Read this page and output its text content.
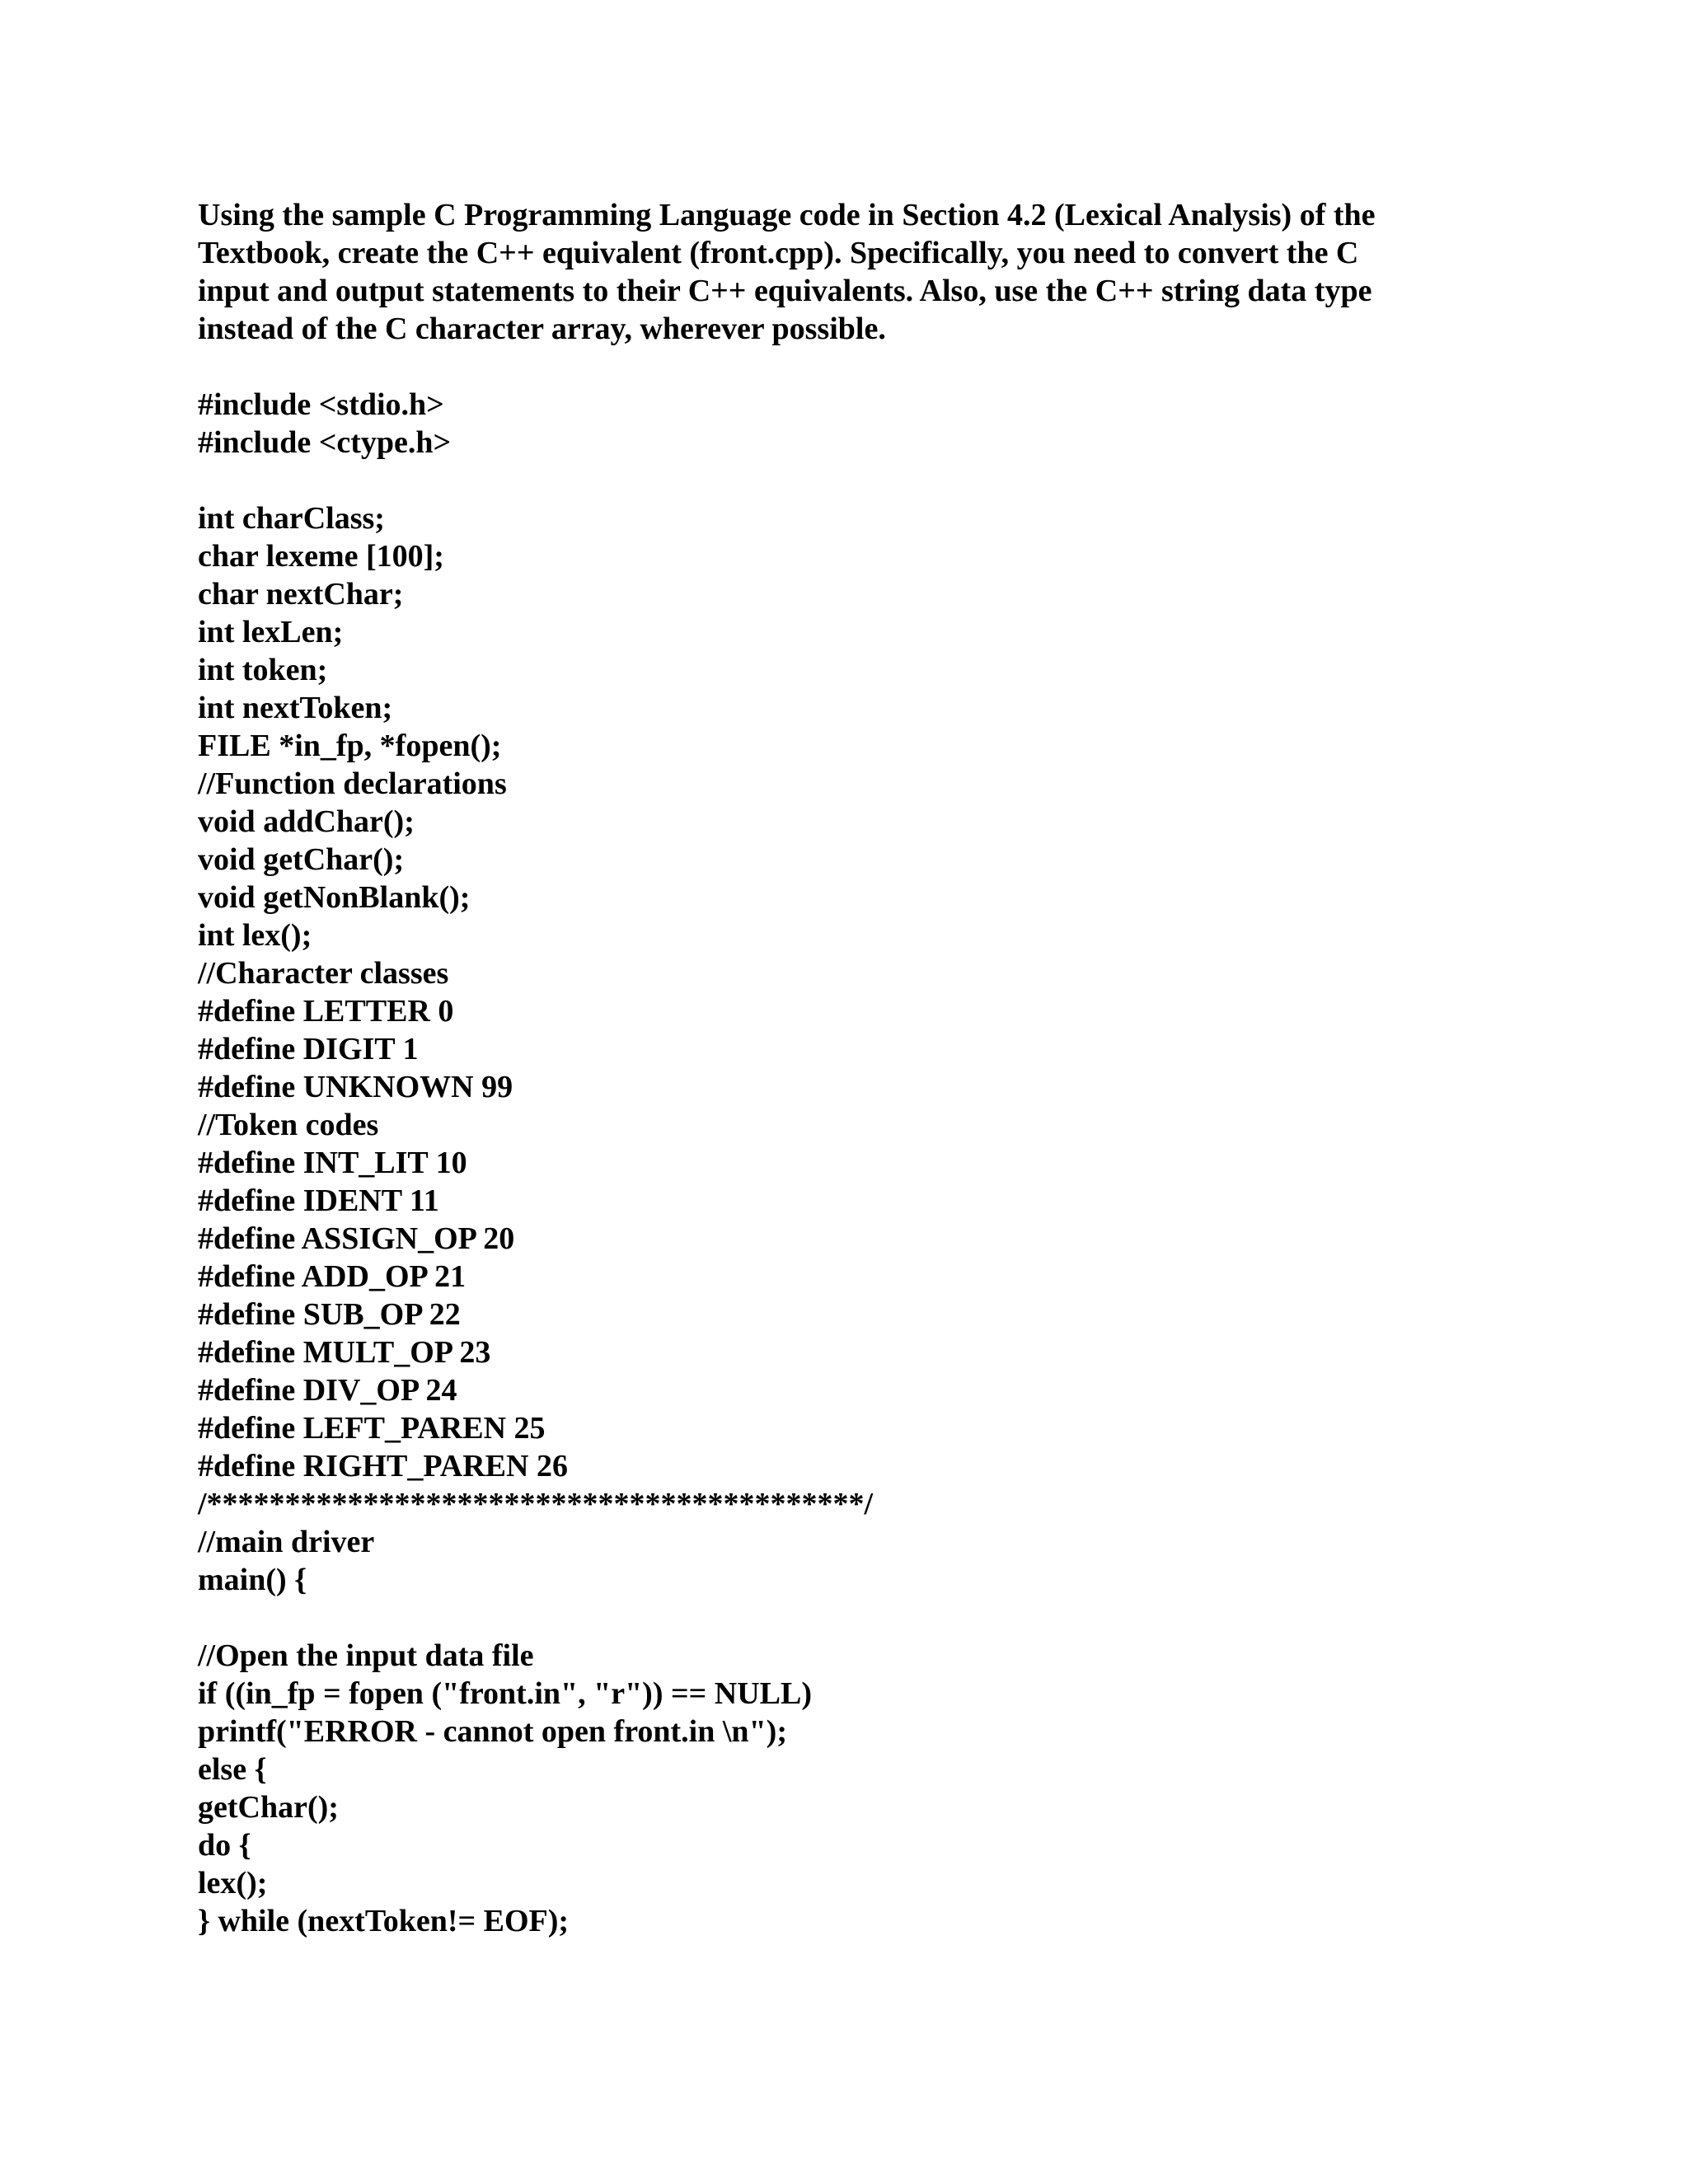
Using the sample C Programming Language code in Section 4.2 (Lexical Analysis) of the

Textbook, create the C++ equivalent (front.cpp). Specifically, you need to convert the C

input and output statements to their C++ equivalents. Also, use the C++ string data type

instead of the C character array, wherever possible.

#include <stdio.h>
#include <ctype.h>
int charClass;
char lexeme [100];
char nextChar;
int lexLen;
int token;
int nextToken;
FILE *in_fp, *fopen();
//Function declarations
void addChar();
void getChar();
void getNonBlank();
int lex();
//Character classes
#define LETTER 0
#define DIGIT 1
#define UNKNOWN 99
//Token codes
#define INT_LIT 10
#define IDENT 11
#define ASSIGN_OP 20
#define ADD_OP 21
#define SUB_OP 22
#define MULT_OP 23
#define DIV_OP 24
#define LEFT_PAREN 25
#define RIGHT_PAREN 26
/******************************************/
//main driver
main() {
//Open the input data file
if ((in_fp = fopen ("front.in", "r")) == NULL)
printf("ERROR - cannot open front.in \n");
else {
getChar();
do {
lex();
} while (nextToken!= EOF);
